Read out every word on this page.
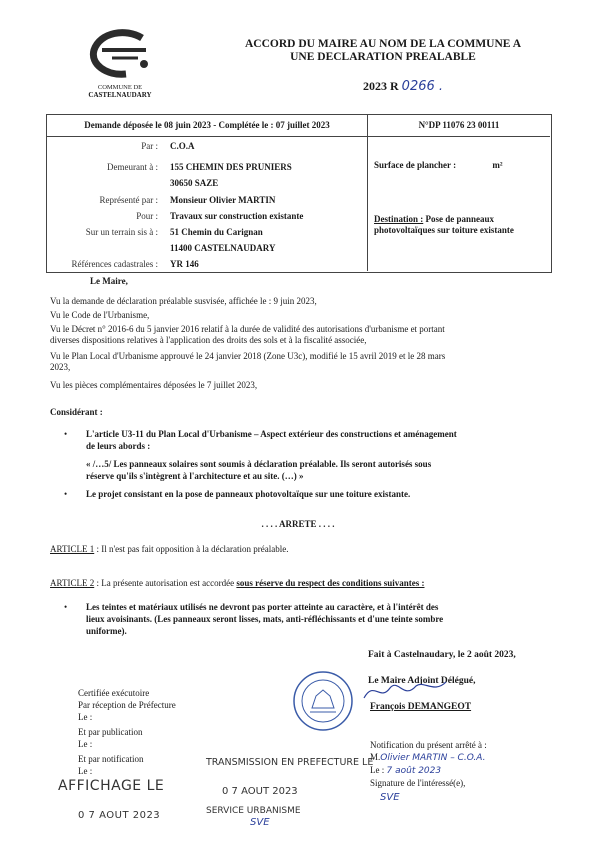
COMMUNE DE
CASTELNAUDARY
ACCORD DU MAIRE AU NOM DE LA COMMUNE A
UNE DECLARATION PREALABLE
2023 R 0266 .
Demande déposée le 08 juin 2023 - Complétée le : 07 juillet 2023	N°DP 11076 23 00111
Par : C.O.A
Demeurant à : 155 CHEMIN DES PRUNIERS
30650 SAZE
Représenté par : Monsieur Olivier MARTIN
Pour : Travaux sur construction existante
Sur un terrain sis à : 51 Chemin du Carignan
11400 CASTELNAUDARY
Références cadastrales : YR 146
Surface de plancher :	m²
Destination : Pose de panneaux photovoltaïques sur toiture existante
Le Maire,
Vu la demande de déclaration préalable susvisée, affichée le : 9 juin 2023,
Vu le Code de l'Urbanisme,
Vu le Décret n° 2016-6 du 5 janvier 2016 relatif à la durée de validité des autorisations d'urbanisme et portant
diverses dispositions relatives à l'application des droits des sols et à la fiscalité associée,
Vu le Plan Local d'Urbanisme approuvé le 24 janvier 2018 (Zone U3c), modifié le 15 avril 2019 et le 28 mars
2023,
Vu les pièces complémentaires déposées le 7 juillet 2023,
Considérant :
•	L'article U3-11 du Plan Local d'Urbanisme – Aspect extérieur des constructions et aménagement
de leurs abords :
« /…5/ Les panneaux solaires sont soumis à déclaration préalable. Ils seront autorisés sous
réserve qu'ils s'intègrent à l'architecture et au site. (…) »
•	Le projet consistant en la pose de panneaux photovoltaïque sur une toiture existante.
. . . . ARRETE . . . .
ARTICLE 1 : Il n'est pas fait opposition à la déclaration préalable.
ARTICLE 2 : La présente autorisation est accordée sous réserve du respect des conditions suivantes :
•	Les teintes et matériaux utilisés ne devront pas porter atteinte au caractère, et à l'intérêt des
lieux avoisinants. (Les panneaux seront lisses, mats, anti-réfléchissants et d'une teinte sombre
uniforme).
Fait à Castelnaudary, le 2 août 2023,
Le Maire Adjoint Délégué,
François DEMANGEOT
Certifiée exécutoire
Par réception de Préfecture
Le :
Et par publication
Le :
Et par notification
Le :
AFFICHAGE LE
0 7 AOUT 2023
TRANSMISSION EN PREFECTURE LE
0 7 AOUT 2023
SERVICE URBANISME
SVE
Notification du présent arrêté à :
M.Olivier MARTIN – C.O.A.
Le : 7 août 2023
Signature de l'intéressé(e),
SVE
